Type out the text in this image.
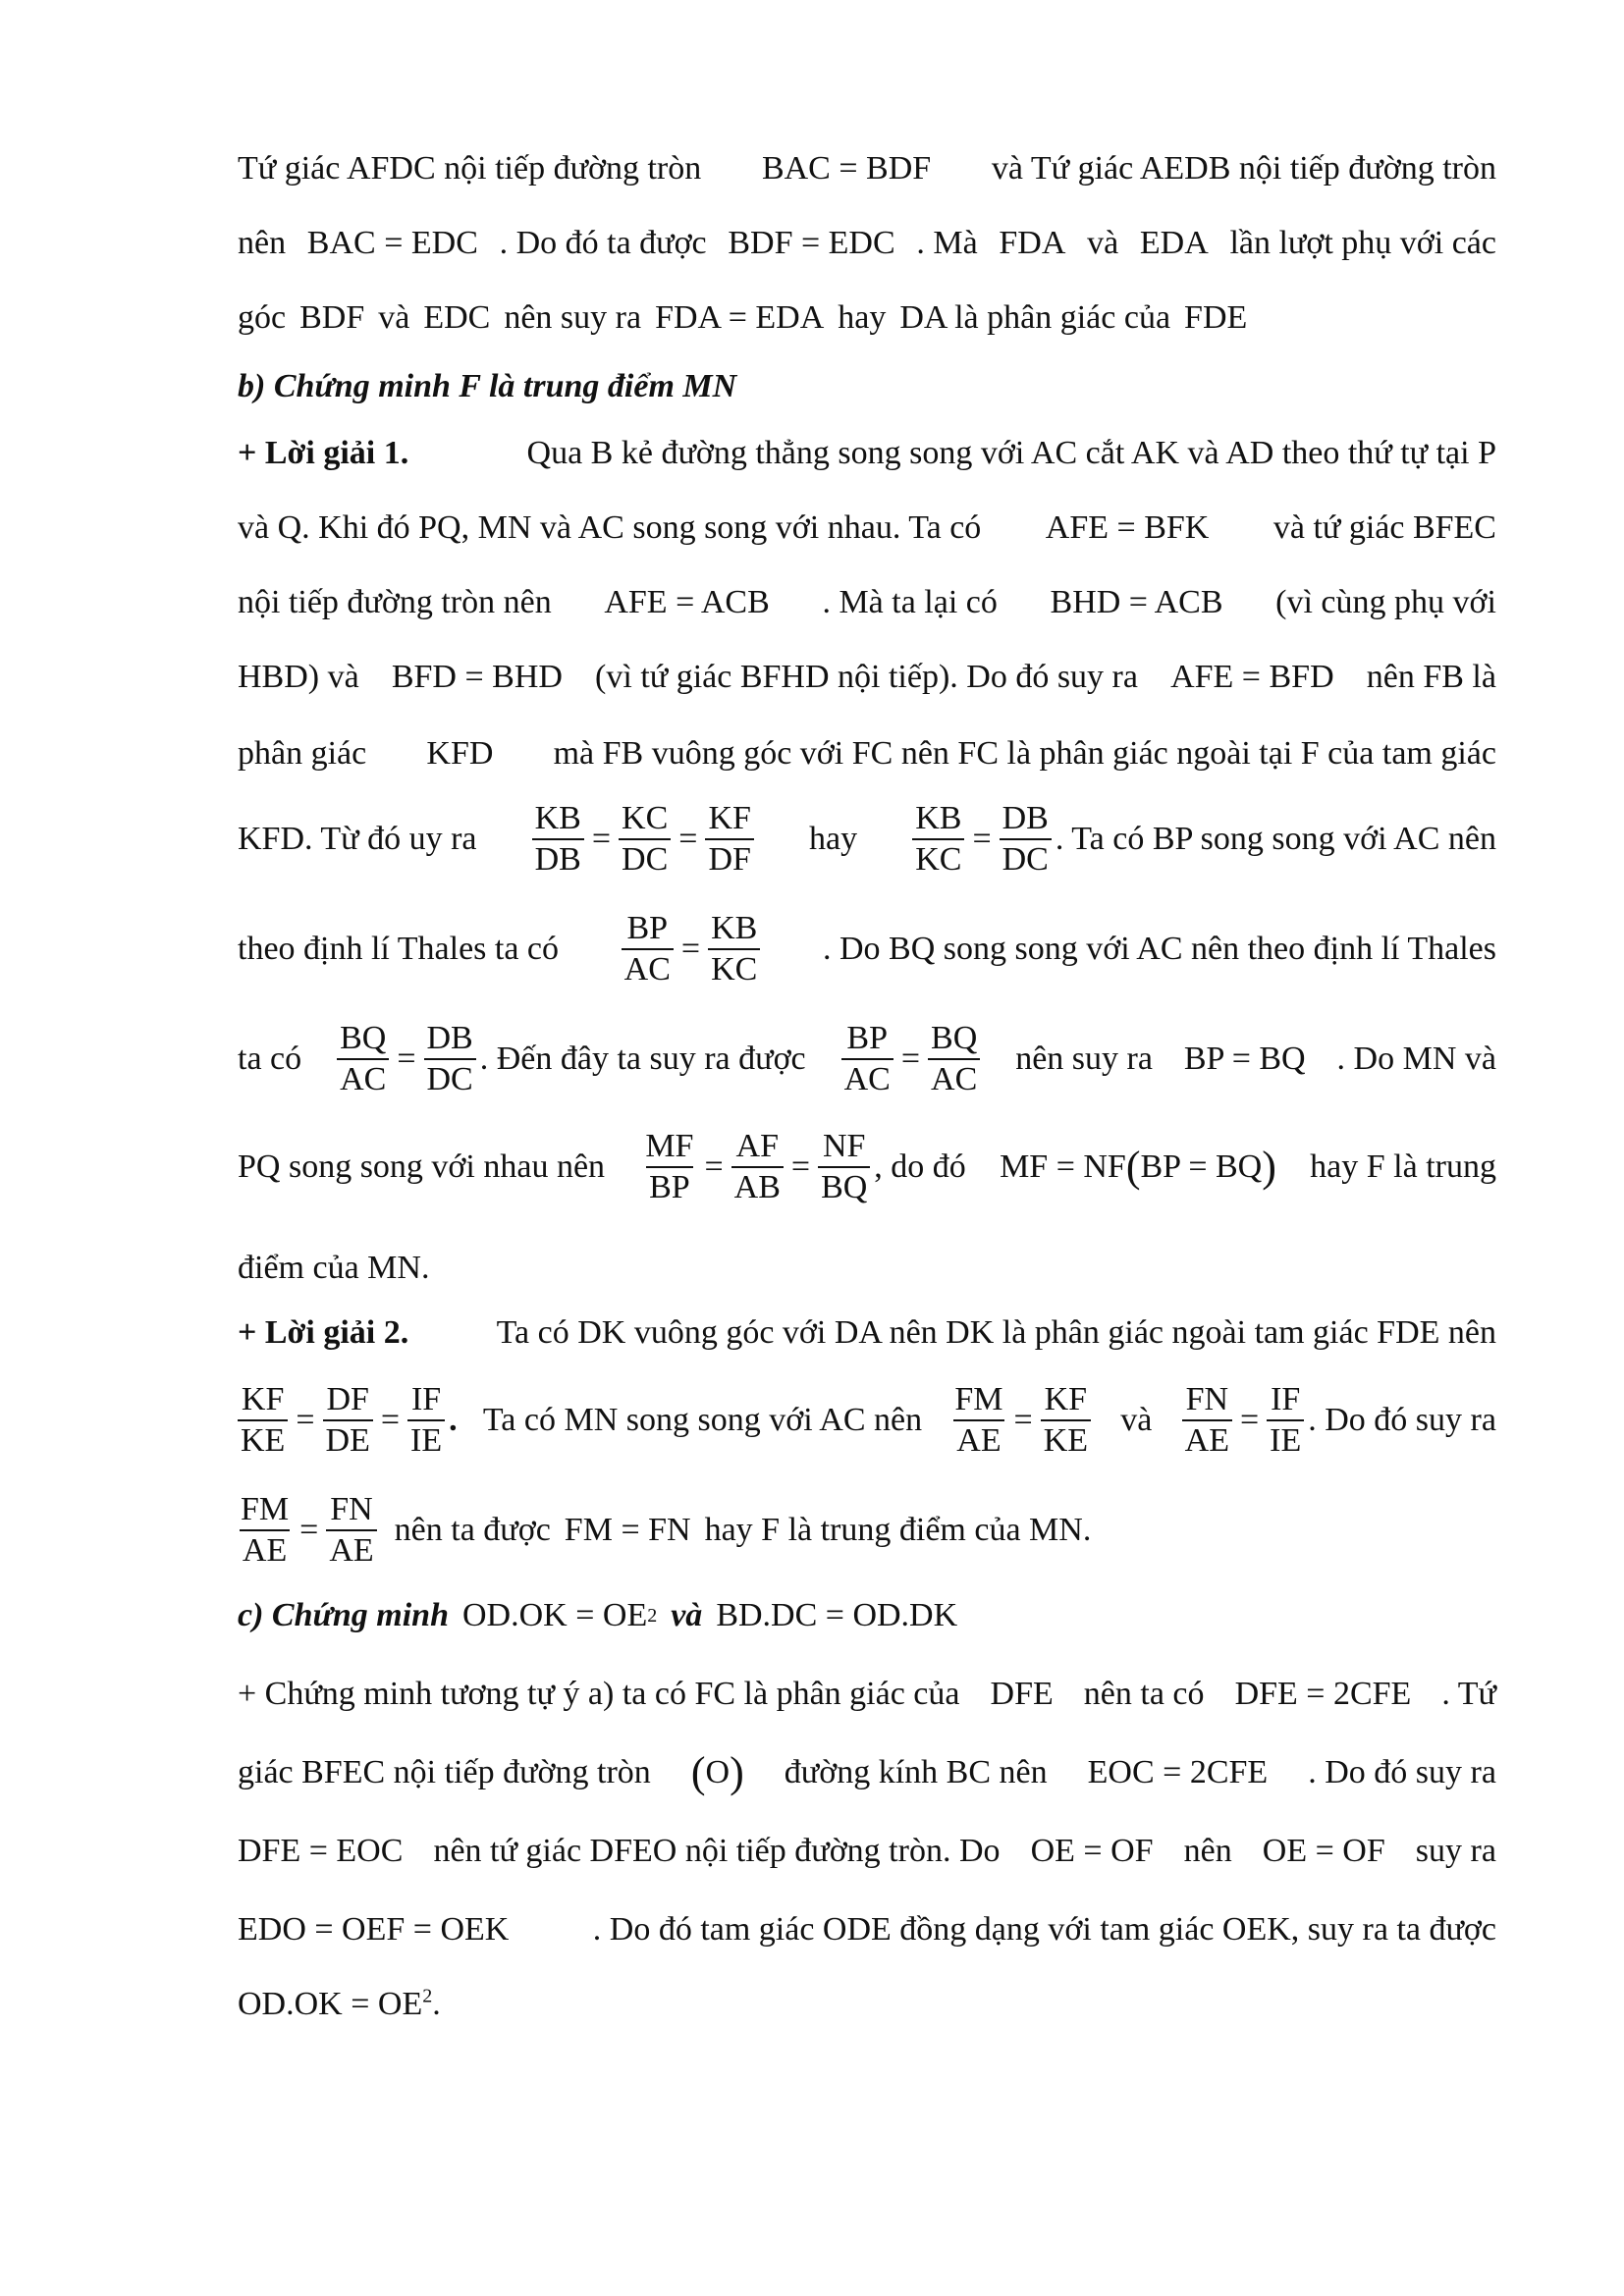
Tứ giác AFDC nội tiếp đường tròn BAC = BDF và Tứ giác AEDB nội tiếp đường tròn
nên BAC = EDC . Do đó ta được BDF = EDC . Mà FDA và EDA lần lượt phụ với các
góc BDF và EDC nên suy ra FDA = EDA hay DA là phân giác của FDE
b) Chứng minh F là trung điểm MN
+ Lời giải 1.	Qua B kẻ đường thẳng song song với AC cắt AK và AD theo thứ tự tại P
và Q. Khi đó PQ, MN và AC song song với nhau. Ta có AFE = BFK và tứ giác BFEC
nội tiếp đường tròn nên AFE = ACB . Mà ta lại có BHD = ACB (vì cùng phụ với
HBD) và BFD = BHD (vì tứ giác BFHD nội tiếp). Do đó suy ra AFE = BFD nên FB là
phân giác KFD mà FB vuông góc với FC nên FC là phân giác ngoài tại F của tam giác
KFD. Từ đó uy ra $\frac{KB}{DB} = \frac{KC}{DC} = \frac{KF}{DF}$ hay $\frac{KB}{KC} = \frac{DB}{DC}$ . Ta có BP song song với AC nên
theo định lí Thales ta có $\frac{BP}{AC} = \frac{KB}{KC}$ . Do BQ song song với AC nên theo định lí Thales
ta có $\frac{BQ}{AC} = \frac{DB}{DC}$ . Đến đây ta suy ra được $\frac{BP}{AC} = \frac{BQ}{AC}$ nên suy ra BP = BQ . Do MN và
PQ song song với nhau nên $\frac{MF}{BP} = \frac{AF}{AB} = \frac{NF}{BQ}$ , do đó MF = NF ( BP = BQ ) hay F là trung
điểm của MN.
+ Lời giải 2.	Ta có DK vuông góc với DA nên DK là phân giác ngoài tam giác FDE nên
$\frac{KF}{KE} = \frac{DF}{DE} = \frac{IF}{IE}$ . Ta có MN song song với AC nên $\frac{FM}{AE} = \frac{KF}{KE}$ và $\frac{FN}{AE} = \frac{IF}{IE}$ . Do đó suy ra
$\frac{FM}{AE} = \frac{FN}{AE}$ nên ta được FM = FN hay F là trung điểm của MN.
c) Chứng minh OD.OK = OE 2 và BD.DC = OD.DK
+ Chứng minh tương tự ý a) ta có FC là phân giác của DFE nên ta có DFE = 2CFE . Tứ
giác BFEC nội tiếp đường tròn ( O ) đường kính BC nên EOC = 2CFE . Do đó suy ra
DFE = EOC nên tứ giác DFEO nội tiếp đường tròn. Do OE = OF nên OE = OF suy ra
EDO = OEF = OEK	. Do đó tam giác ODE đồng dạng với tam giác OEK, suy ra ta được
$OD.OK = OE^2$.
